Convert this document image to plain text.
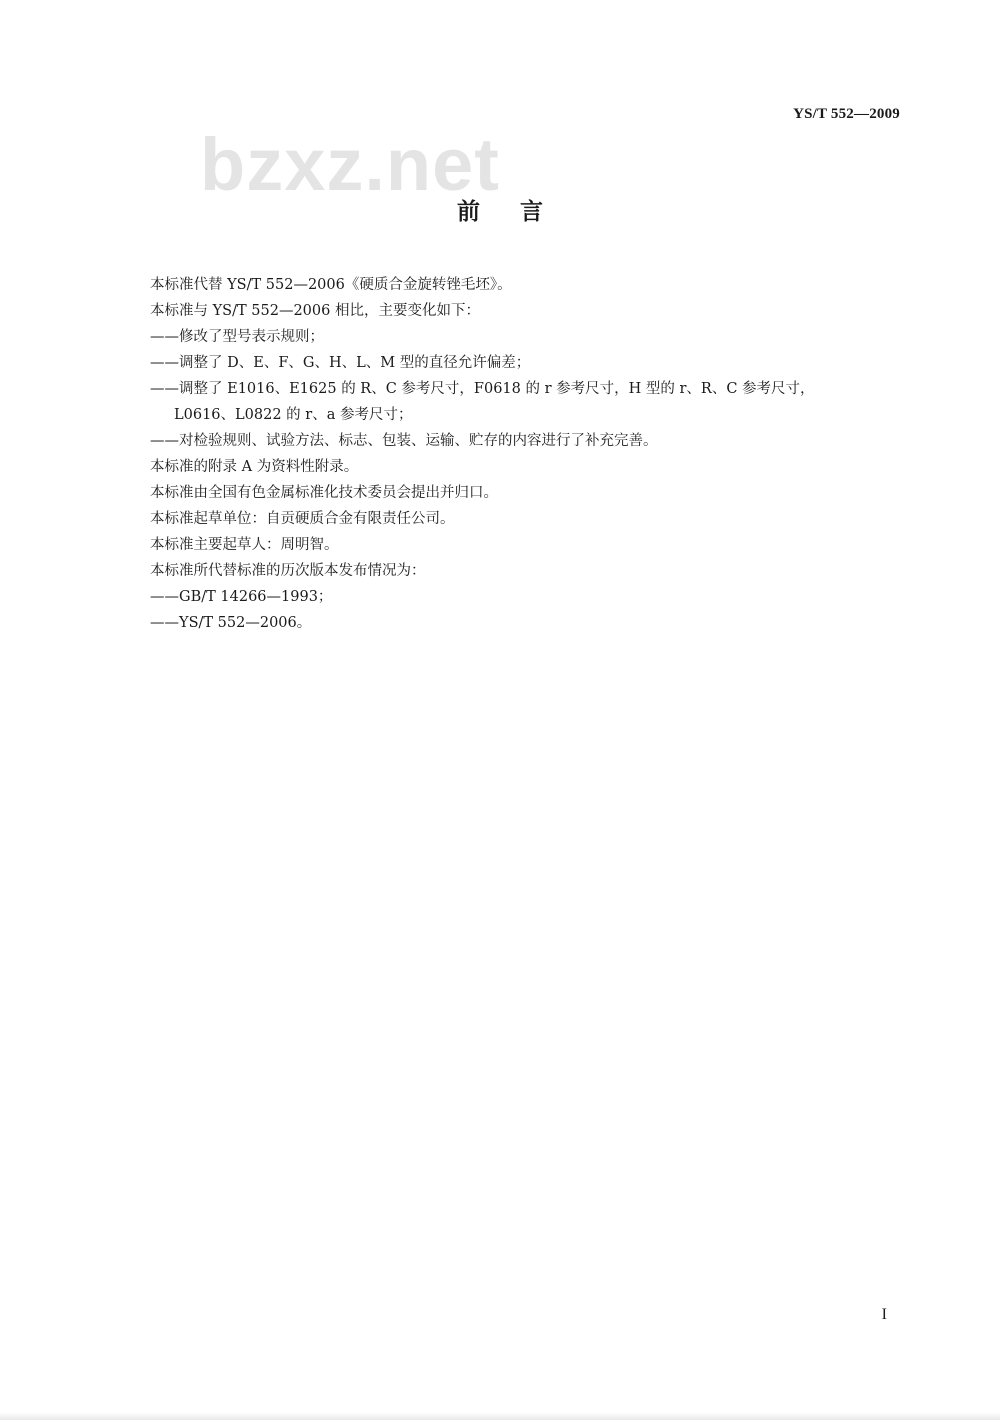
YS/T 552—2009
bzxz.net
前言
本标准代替 YS/T 552—2006《硬质合金旋转锉毛坯》。
本标准与 YS/T 552—2006 相比，主要变化如下：
——修改了型号表示规则；
——调整了 D、E、F、G、H、L、M 型的直径允许偏差；
——调整了 E1016、E1625 的 R、C 参考尺寸，F0618 的 r 参考尺寸，H 型的 r、R、C 参考尺寸，
L0616、L0822 的 r、a 参考尺寸；
——对检验规则、试验方法、标志、包装、运输、贮存的内容进行了补充完善。
本标准的附录 A 为资料性附录。
本标准由全国有色金属标准化技术委员会提出并归口。
本标准起草单位：自贡硬质合金有限责任公司。
本标准主要起草人：周明智。
本标准所代替标准的历次版本发布情况为：
——GB/T 14266—1993；
——YS/T 552—2006。
I
